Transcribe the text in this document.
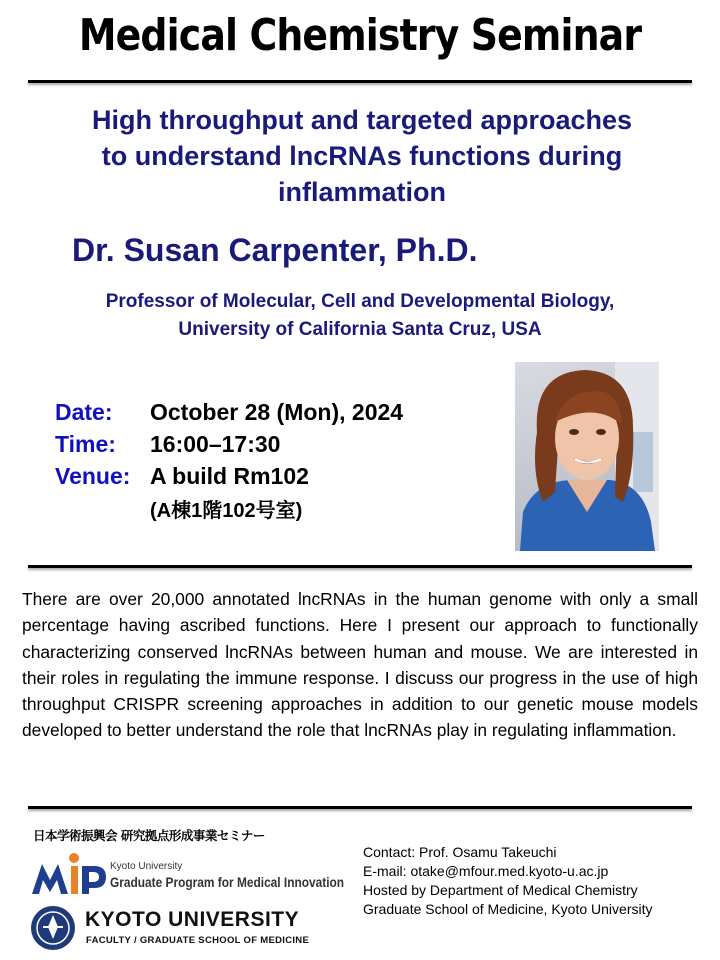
Medical Chemistry Seminar
High throughput and targeted approaches
to understand lncRNAs functions during
inflammation
Dr. Susan Carpenter, Ph.D.
Professor of Molecular, Cell and Developmental Biology,
University of California Santa Cruz, USA
Date: October 28 (Mon), 2024
Time: 16:00–17:30
Venue: A build Rm102
(A棟1階102号室)
There are over 20,000 annotated lncRNAs in the human genome with only a small percentage having ascribed functions. Here I present our approach to functionally characterizing conserved lncRNAs between human and mouse. We are interested in their roles in regulating the immune response. I discuss our progress in the use of high throughput CRISPR screening approaches in addition to our genetic mouse models developed to better understand the role that lncRNAs play in regulating inflammation.
日本学術振興会 研究拠点形成事業セミナー
Kyoto University
Graduate Program for Medical Innovation
KYOTO UNIVERSITY
FACULTY / GRADUATE SCHOOL OF MEDICINE
Contact: Prof. Osamu Takeuchi
E-mail: otake@mfour.med.kyoto-u.ac.jp
Hosted by Department of Medical Chemistry
Graduate School of Medicine, Kyoto University
